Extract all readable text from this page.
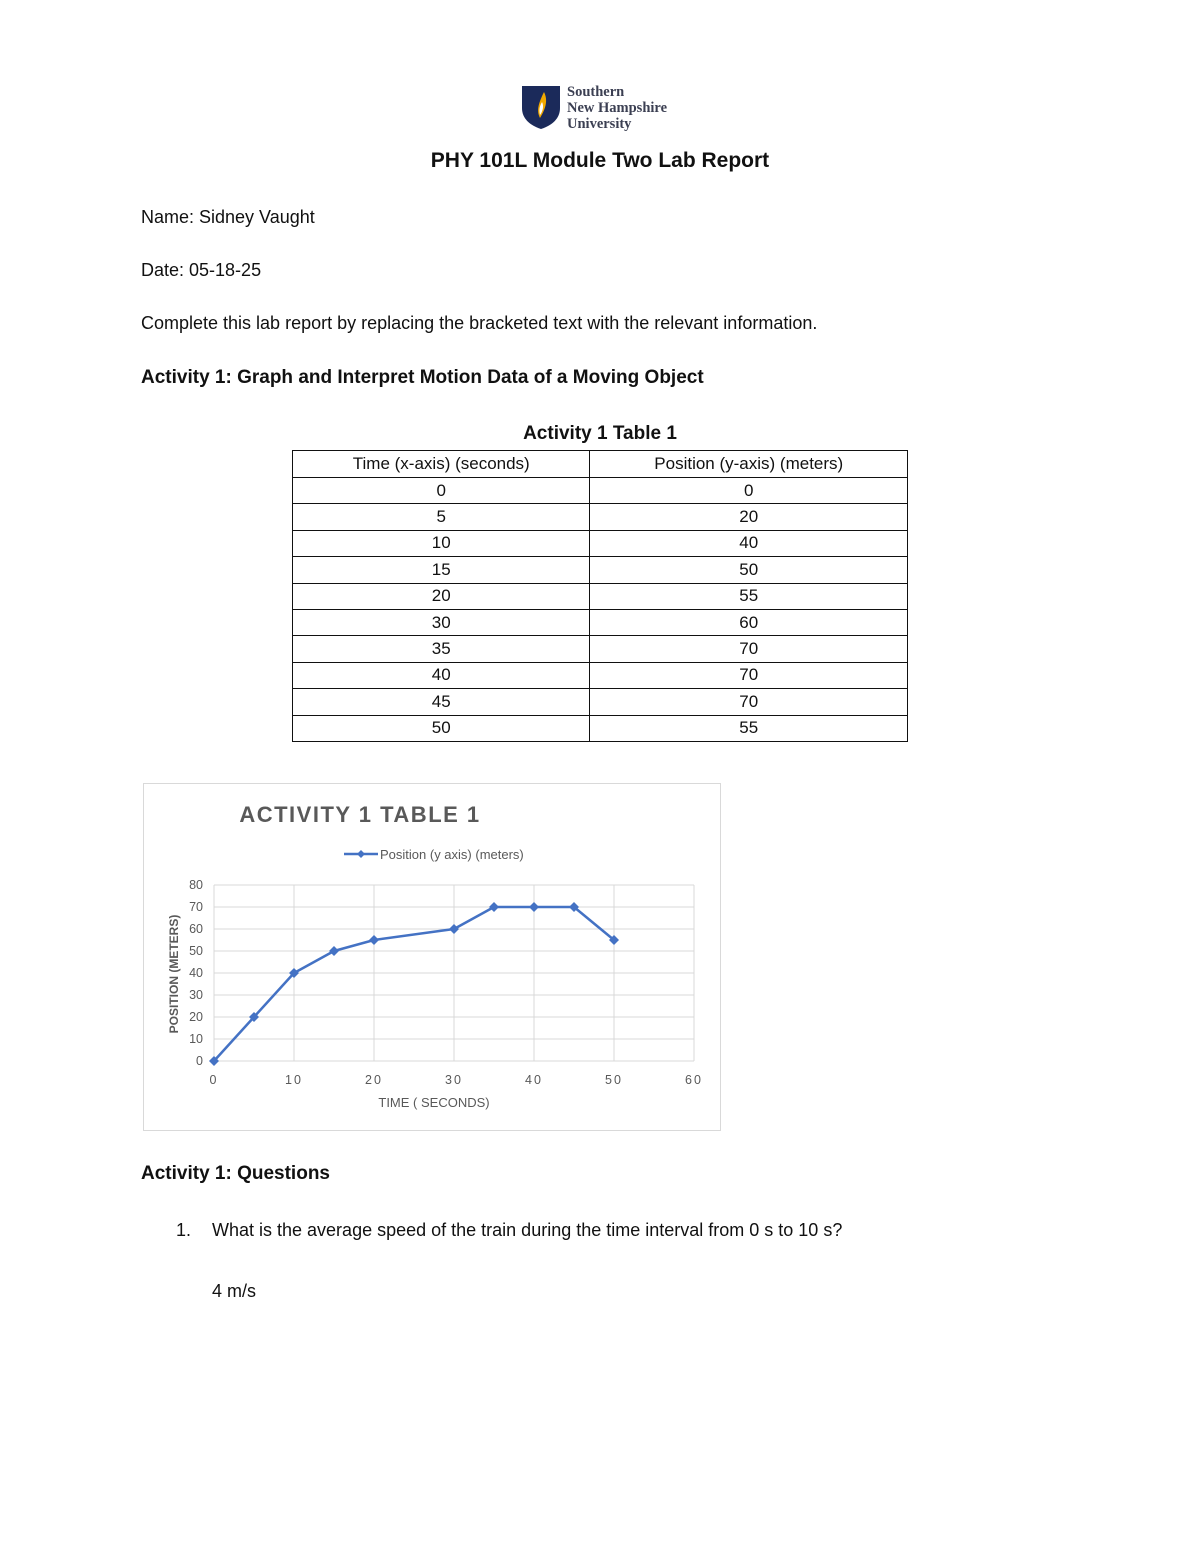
Southern
New Hampshire
University
PHY 101L Module Two Lab Report
Name: Sidney Vaught
Date: 05-18-25
Complete this lab report by replacing the bracketed text with the relevant information.
Activity 1: Graph and Interpret Motion Data of a Moving Object
Activity 1 Table 1
Time (x-axis) (seconds)	Position (y-axis) (meters)
0	0
5	20
10	40
15	50
20	55
30	60
35	70
40	70
45	70
50	55
ACTIVITY 1 TABLE 1
Position (y axis) (meters)
0
10
20
30
40
50
60
70
80
0	10	20	30	40	50	60
TIME ( SECONDS)
POSITION (METERS)
Activity 1: Questions
1. What is the average speed of the train during the time interval from 0 s to 10 s?
4 m/s
